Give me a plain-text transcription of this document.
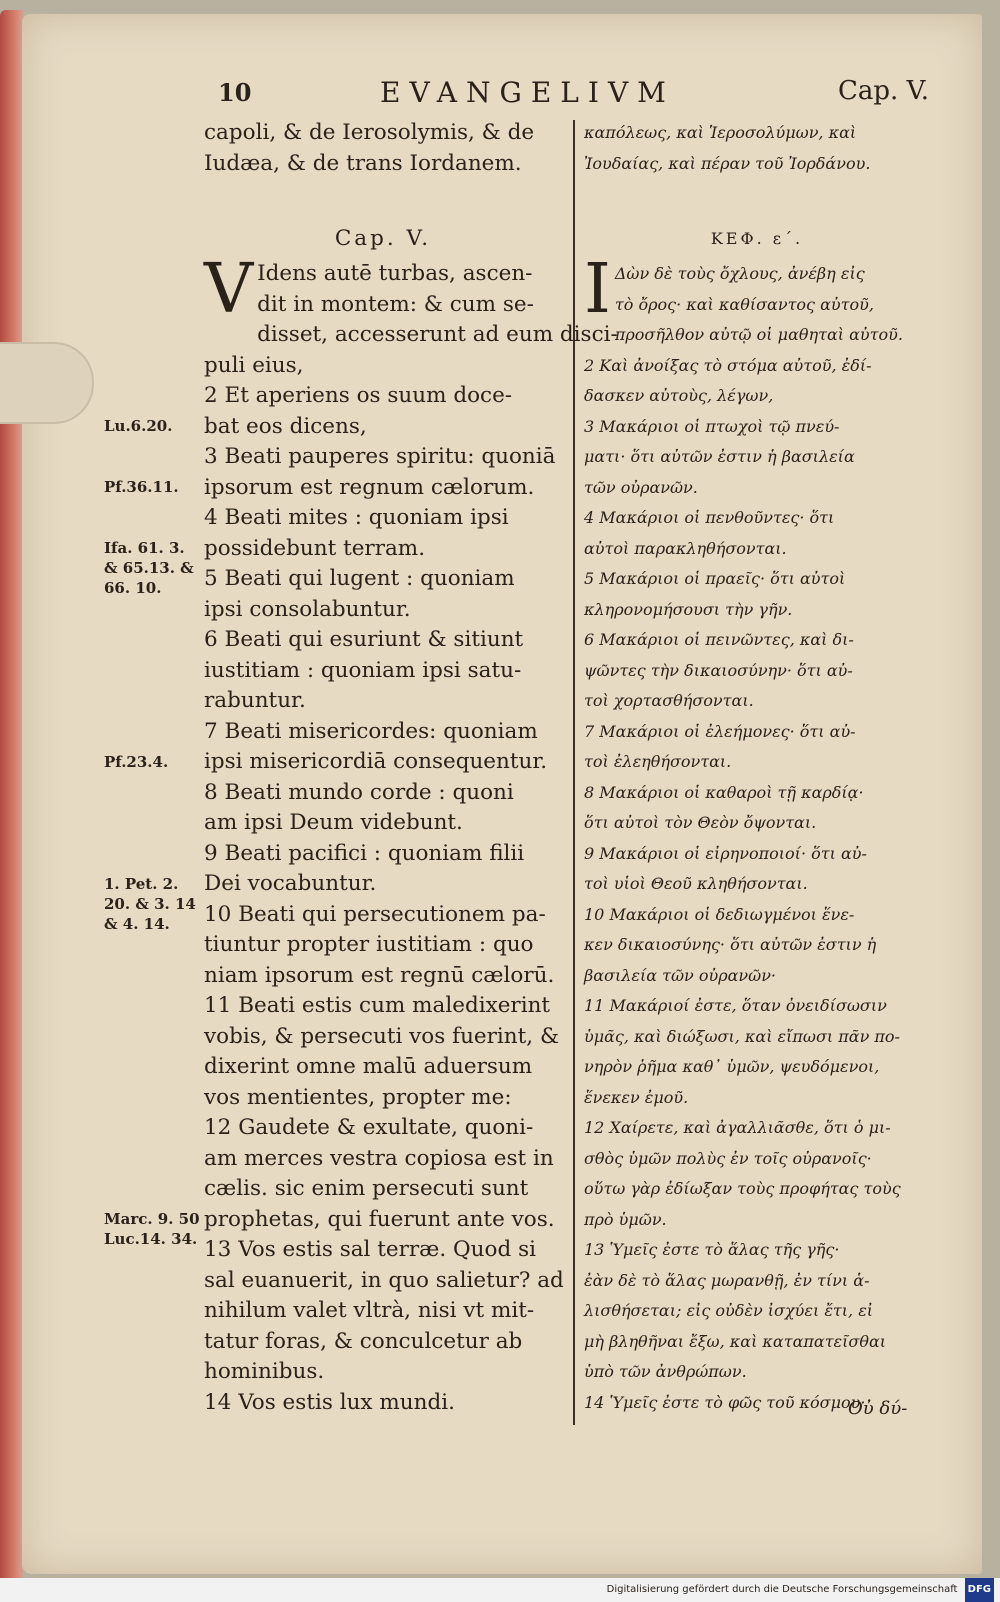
10	EVANGELIVM	Cap. V.
capoli, & de Ierosolymis, & de
Iudæa, & de trans Iordanem.
Cap. V.
V Idens autē turbas, ascen-
dit in montem: & cum se-
disset, accesserunt ad eum disci-
puli eius,
2 Et aperiens os suum doce-
bat eos dicens,
3 Beati pauperes spiritu: quoniā
ipsorum est regnum cælorum.
4 Beati mites : quoniam ipsi
possidebunt terram.
5 Beati qui lugent : quoniam
ipsi consolabuntur.
6 Beati qui esuriunt & sitiunt
iustitiam : quoniam ipsi satu-
rabuntur.
7 Beati misericordes: quoniam
ipsi misericordiā consequentur.
8 Beati mundo corde : quoni
am ipsi Deum videbunt.
9 Beati pacifici : quoniam filii
Dei vocabuntur.
10 Beati qui persecutionem pa-
tiuntur propter iustitiam : quo
niam ipsorum est regnū cælorū.
11 Beati estis cum maledixerint
vobis, & persecuti vos fuerint, &
dixerint omne malū aduersum
vos mentientes, propter me:
12 Gaudete & exultate, quoni-
am merces vestra copiosa est in
cælis. sic enim persecuti sunt
prophetas, qui fuerunt ante vos.
13 Vos estis sal terræ. Quod si
sal euanuerit, in quo salietur? ad
nihilum valet vltrà, nisi vt mit-
tatur foras, & conculcetur ab
hominibus.
14 Vos estis lux mundi.
καπόλεως, καὶ Ἱεροσολύμων, καὶ
Ἰουδαίας, καὶ πέραν τοῦ Ἰορδάνου.
ΚΕΦ. ε΄.
Ι Δὼν δὲ τοὺς ὄχλους, ἀνέβη εἰς
τὸ ὄρος· καὶ καθίσαντος αὐτοῦ,
προσῆλθον αὐτῷ οἱ μαθηταὶ αὐτοῦ.
2 Καὶ ἀνοίξας τὸ στόμα αὐτοῦ, ἐδί-
δασκεν αὐτοὺς, λέγων,
3 Μακάριοι οἱ πτωχοὶ τῷ πνεύ-
ματι· ὅτι αὐτῶν ἐστιν ἡ βασιλεία
τῶν οὐρανῶν.
4 Μακάριοι οἱ πενθοῦντες· ὅτι
αὐτοὶ παρακληθήσονται.
5 Μακάριοι οἱ πραεῖς· ὅτι αὐτοὶ
κληρονομήσουσι τὴν γῆν.
6 Μακάριοι οἱ πεινῶντες, καὶ δι-
ψῶντες τὴν δικαιοσύνην· ὅτι αὐ-
τοὶ χορτασθήσονται.
7 Μακάριοι οἱ ἐλεήμονες· ὅτι αὐ-
τοὶ ἐλεηθήσονται.
8 Μακάριοι οἱ καθαροὶ τῇ καρδίᾳ·
ὅτι αὐτοὶ τὸν Θεὸν ὄψονται.
9 Μακάριοι οἱ εἰρηνοποιοί· ὅτι αὐ-
τοὶ υἱοὶ Θεοῦ κληθήσονται.
10 Μακάριοι οἱ δεδιωγμένοι ἕνε-
κεν δικαιοσύνης· ὅτι αὐτῶν ἐστιν ἡ
βασιλεία τῶν οὐρανῶν·
11 Μακάριοί ἐστε, ὅταν ὀνειδίσωσιν
ὑμᾶς, καὶ διώξωσι, καὶ εἴπωσι πᾶν πο-
νηρὸν ῥῆμα καθ᾽ ὑμῶν, ψευδόμενοι,
ἕνεκεν ἐμοῦ.
12 Χαίρετε, καὶ ἀγαλλιᾶσθε, ὅτι ὁ μι-
σθὸς ὑμῶν πολὺς ἐν τοῖς οὐρανοῖς·
οὕτω γὰρ ἐδίωξαν τοὺς προφήτας τοὺς
πρὸ ὑμῶν.
13 Ὑμεῖς ἐστε τὸ ἅλας τῆς γῆς·
ἐὰν δὲ τὸ ἅλας μωρανθῇ, ἐν τίνι ἁ-
λισθήσεται; εἰς οὐδὲν ἰσχύει ἔτι, εἰ
μὴ βληθῆναι ἔξω, καὶ καταπατεῖσθαι
ὑπὸ τῶν ἀνθρώπων.
14 Ὑμεῖς ἐστε τὸ φῶς τοῦ κόσμου·
Lu.6.20.
Pf.36.11.
Ifa. 61. 3. & 65.13. & 66. 10.
Pf.23.4.
1. Pet. 2. 20. & 3. 14 & 4. 14.
Marc. 9. 50 Luc.14. 34.
Οὐ δύ-
Digitalisierung gefördert durch die Deutsche Forschungsgemeinschaft DFG
